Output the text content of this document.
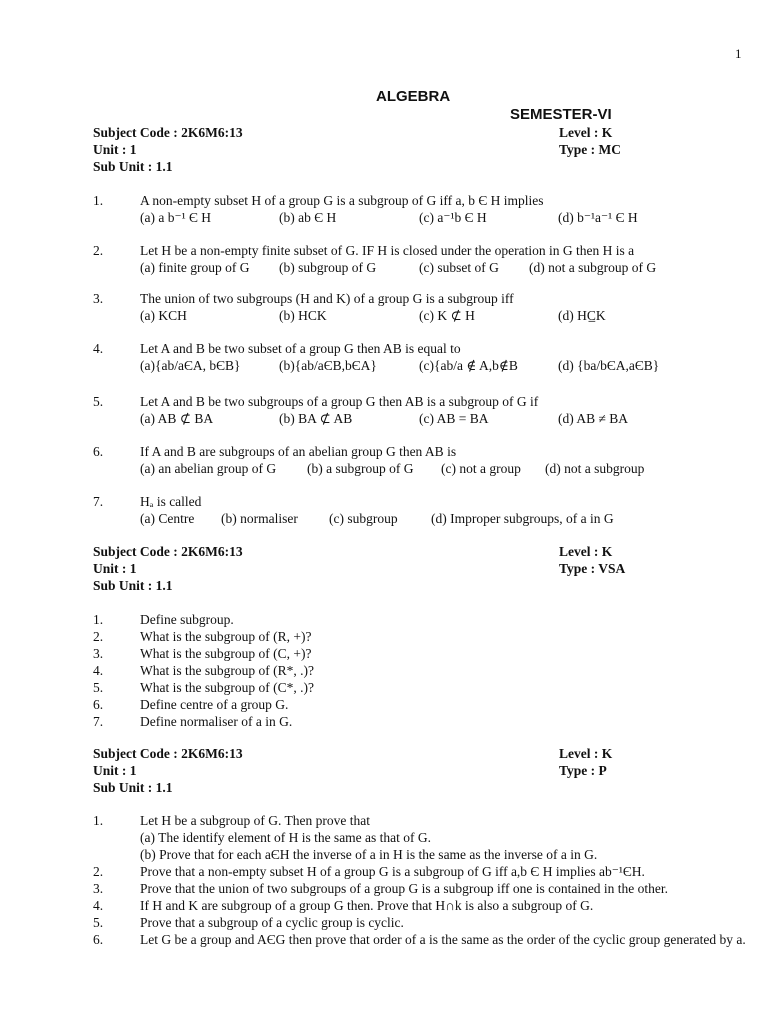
1
ALGEBRA
SEMESTER-VI
Subject Code : 2K6M6:13	Level : K
Unit : 1	Type : MC
Sub Unit : 1.1
1.	A non-empty subset H of a group G is a subgroup of G iff a, b Є H implies
(a) a b⁻¹ Є H	(b) ab Є H	(c) a⁻¹b Є H	(d) b⁻¹a⁻¹ Є H
2.	Let H be a non-empty finite subset of G. IF H is closed under the operation in G then H is a
(a) finite group of G (b) subgroup of G	(c) subset of G (d) not a subgroup of G
3.	The union of two subgroups (H and K) of a group G is a subgroup iff
(a) KCH	(b) HCK	(c) K ⊄ H	(d) HC̲K
4.	Let A and B be two subset of a group G then AB is equal to
(a){ab/aЄA, bЄB}	(b){ab/aЄB,bЄA}	(c){ab/a ∉ A,b∉B	(d) {ba/bЄA,aЄB}
5.	Let A and B be two subgroups of a group G then AB is a subgroup of G if
(a) AB ⊄ BA	(b) BA ⊄ AB	(c) AB = BA	(d) AB ≠ BA
6.	If A and B are subgroups of an abelian group G then AB is
(a) an abelian group of G (b) a subgroup of G (c) not a group (d) not a subgroup
7.	Hₐ is called
(a) Centre (b) normaliser (c) subgroup (d) Improper subgroups, of a in G
Subject Code : 2K6M6:13	Level : K
Unit : 1	Type : VSA
Sub Unit : 1.1
1.	Define subgroup.
2.	What is the subgroup of (R, +)?
3.	What is the subgroup of (C, +)?
4.	What is the subgroup of (R*, .)?
5.	What is the subgroup of (C*, .)?
6.	Define centre of a group G.
7.	Define normaliser of a in G.
Subject Code : 2K6M6:13	Level : K
Unit : 1	Type : P
Sub Unit : 1.1
1.	Let H be a subgroup of G. Then prove that
(a) The identify element of H is the same as that of G.
(b) Prove that for each aЄH the inverse of a in H is the same as the inverse of a in G.
2.	Prove that a non-empty subset H of a group G is a subgroup of G iff a,b Є H implies ab⁻¹ЄH.
3.	Prove that the union of two subgroups of a group G is a subgroup iff one is contained in the other.
4.	If H and K are subgroup of a group G then. Prove that H∩k is also a subgroup of G.
5.	Prove that a subgroup of a cyclic group is cyclic.
6.	Let G be a group and AЄG then prove that order of a is the same as the order of the cyclic group generated by a.
